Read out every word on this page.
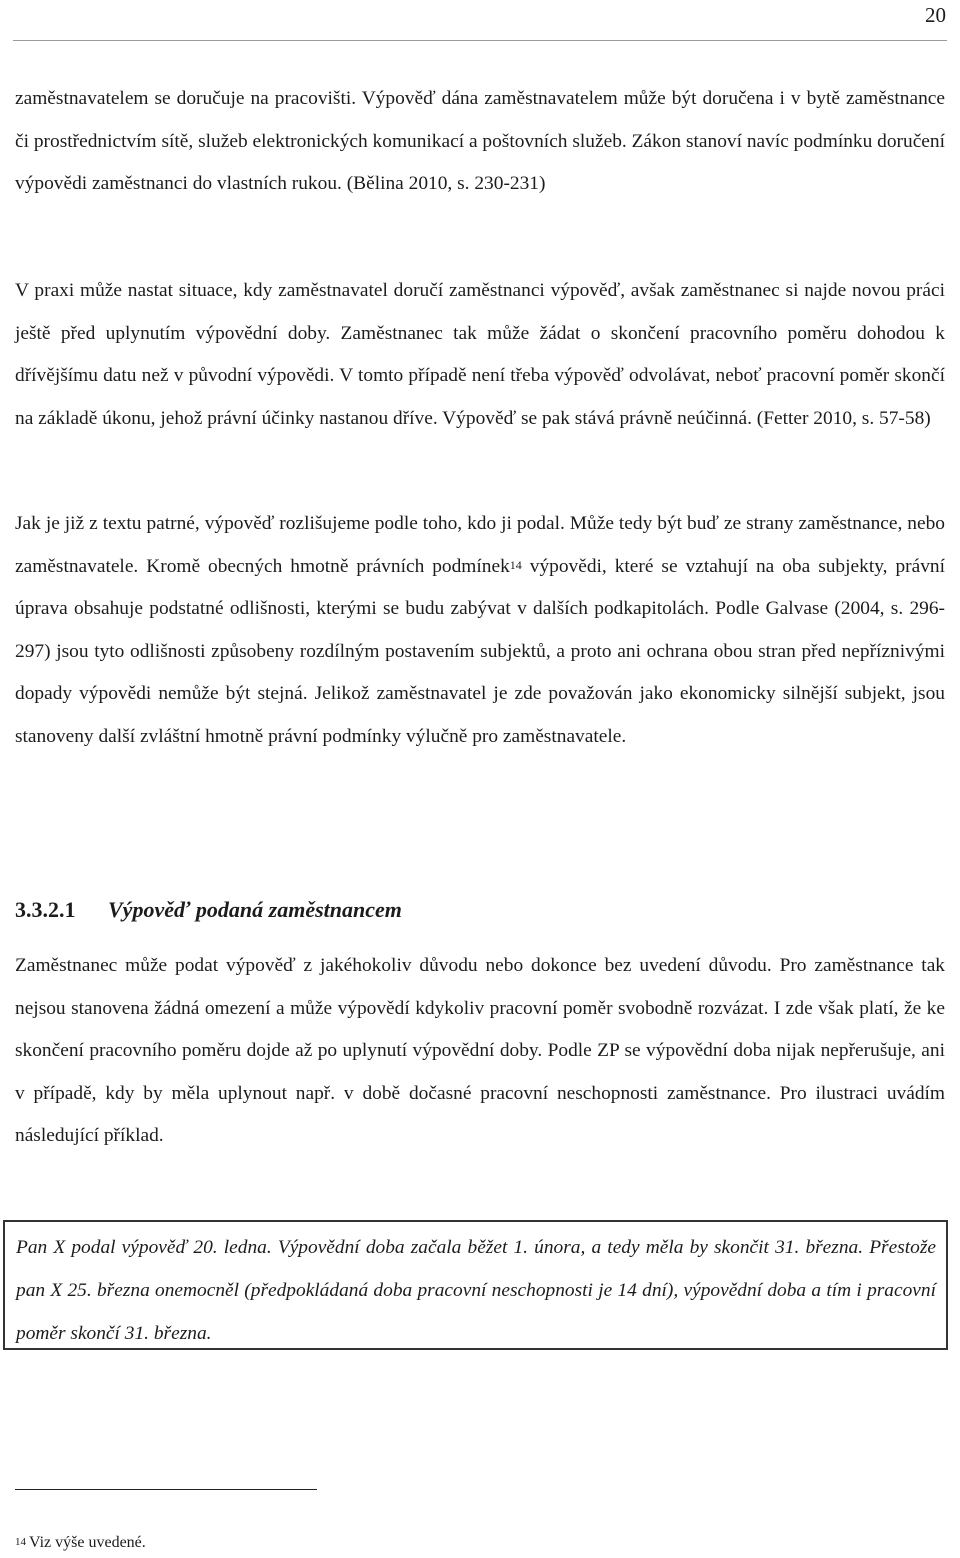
20

zaměstnavatelem se doručuje na pracovišti. Výpověď dána zaměstnavatelem může být doručena i v bytě zaměstnance či prostřednictvím sítě, služeb elektronických komunikací a poštovních služeb. Zákon stanoví navíc podmínku doručení výpovědi zaměstnanci do vlastních rukou. (Bělina 2010, s. 230-231)

V praxi může nastat situace, kdy zaměstnavatel doručí zaměstnanci výpověď, avšak zaměstnanec si najde novou práci ještě před uplynutím výpovědní doby. Zaměstnanec tak může žádat o skončení pracovního poměru dohodou k dřívějšímu datu než v původní výpovědi. V tomto případě není třeba výpověď odvolávat, neboť pracovní poměr skončí na základě úkonu, jehož právní účinky nastanou dříve. Výpověď se pak stává právně neúčinná. (Fetter 2010, s. 57-58)

Jak je již z textu patrné, výpověď rozlišujeme podle toho, kdo ji podal. Může tedy být buď ze strany zaměstnance, nebo zaměstnavatele. Kromě obecných hmotně právních podmínek$^{14}$ výpovědi, které se vztahují na oba subjekty, právní úprava obsahuje podstatné odlišnosti, kterými se budu zabývat v dalších podkapitolách. Podle Galvase (2004, s. 296-297) jsou tyto odlišnosti způsobeny rozdílným postavením subjektů, a proto ani ochrana obou stran před nepříznivými dopady výpovědi nemůže být stejná. Jelikož zaměstnavatel je zde považován jako ekonomicky silnější subjekt, jsou stanoveny další zvláštní hmotně právní podmínky výlučně pro zaměstnavatele.

3.3.2.1 Výpověď podaná zaměstnancem

Zaměstnanec může podat výpověď z jakéhokoliv důvodu nebo dokonce bez uvedení důvodu. Pro zaměstnance tak nejsou stanovena žádná omezení a může výpovědí kdykoliv pracovní poměr svobodně rozvázat. I zde však platí, že ke skončení pracovního poměru dojde až po uplynutí výpovědní doby. Podle ZP se výpovědní doba nijak nepřerušuje, ani v případě, kdy by měla uplynout např. v době dočasné pracovní neschopnosti zaměstnance. Pro ilustraci uvádím následující příklad.

Pan X podal výpověď 20. ledna. Výpovědní doba začala běžet 1. února, a tedy měla by skončit 31. března. Přestože pan X 25. března onemocněl (předpokládaná doba pracovní neschopnosti je 14 dní), výpovědní doba a tím i pracovní poměr skončí 31. března.

$^{14}$ Viz výše uvedené.
